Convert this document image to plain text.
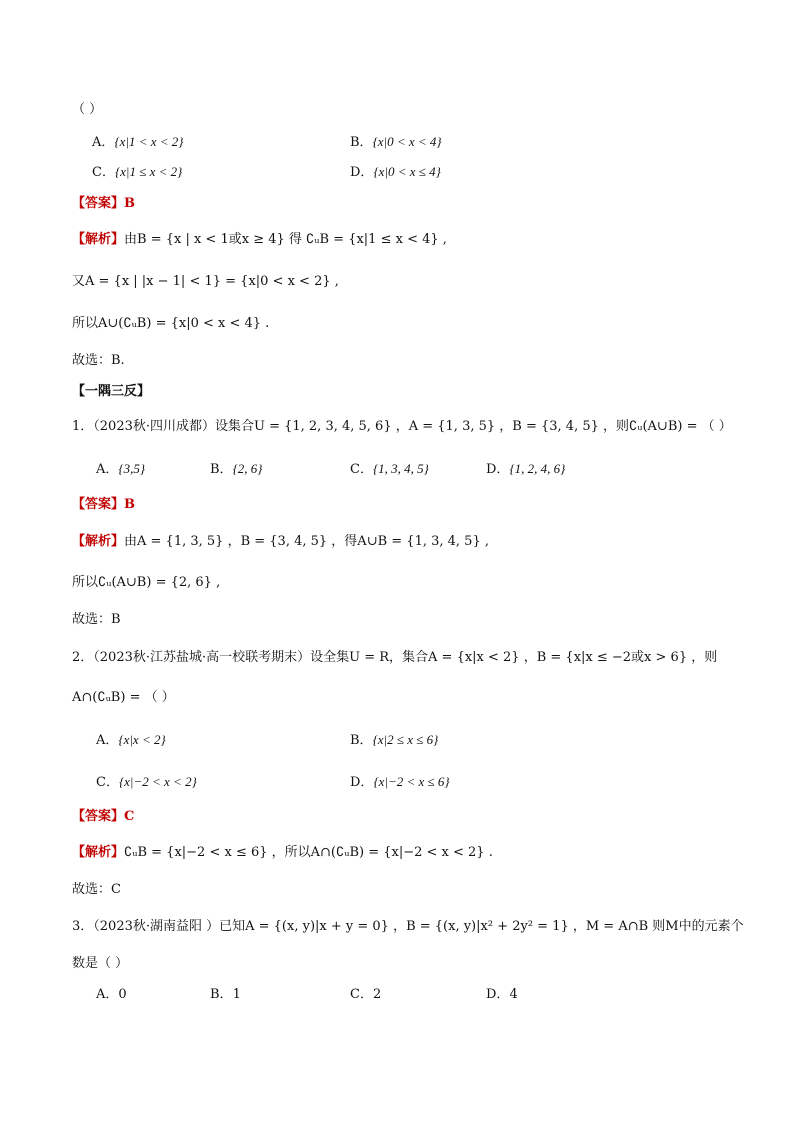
（ ）
A．{x|1 < x < 2}	B．{x|0 < x < 4}
C．{x|1 ≤ x < 2}	D．{x|0 < x ≤ 4}
【答案】B
【解析】由B = {x | x < 1或x ≥ 4} 得 ∁ᵤB = {x|1 ≤ x < 4} ,
又A = {x | |x − 1| < 1} = {x|0 < x < 2} ,
所以A∪(∁ᵤB) = {x|0 < x < 4} .
故选：B.
【一隅三反】
1．（2023秋·四川成都）设集合U = {1, 2, 3, 4, 5, 6} ，A = {1, 3, 5} ，B = {3, 4, 5} ，则∁ᵤ(A∪B) = （ ）
A．{3,5}	B．{2, 6}	C．{1, 3, 4, 5}	D．{1, 2, 4, 6}
【答案】B
【解析】由A = {1, 3, 5} ，B = {3, 4, 5} ，得A∪B = {1, 3, 4, 5} ,
所以∁ᵤ(A∪B) = {2, 6} ,
故选：B
2．（2023秋·江苏盐城·高一校联考期末）设全集U = R，集合A = {x|x < 2} ，B = {x|x ≤ −2或x > 6} ，则
A∩(∁ᵤB) = （ ）
A．{x|x < 2}	B．{x|2 ≤ x ≤ 6}
C．{x|−2 < x < 2}	D．{x|−2 < x ≤ 6}
【答案】C
【解析】∁ᵤB = {x|−2 < x ≤ 6} ，所以A∩(∁ᵤB) = {x|−2 < x < 2} .
故选：C
3．（2023秋·湖南益阳 ）已知A = {(x, y)|x + y = 0} ，B = {(x, y)|x² + 2y² = 1} ，M = A∩B 则M中的元素个
数是（ ）
A．0	B．1	C．2	D．4
